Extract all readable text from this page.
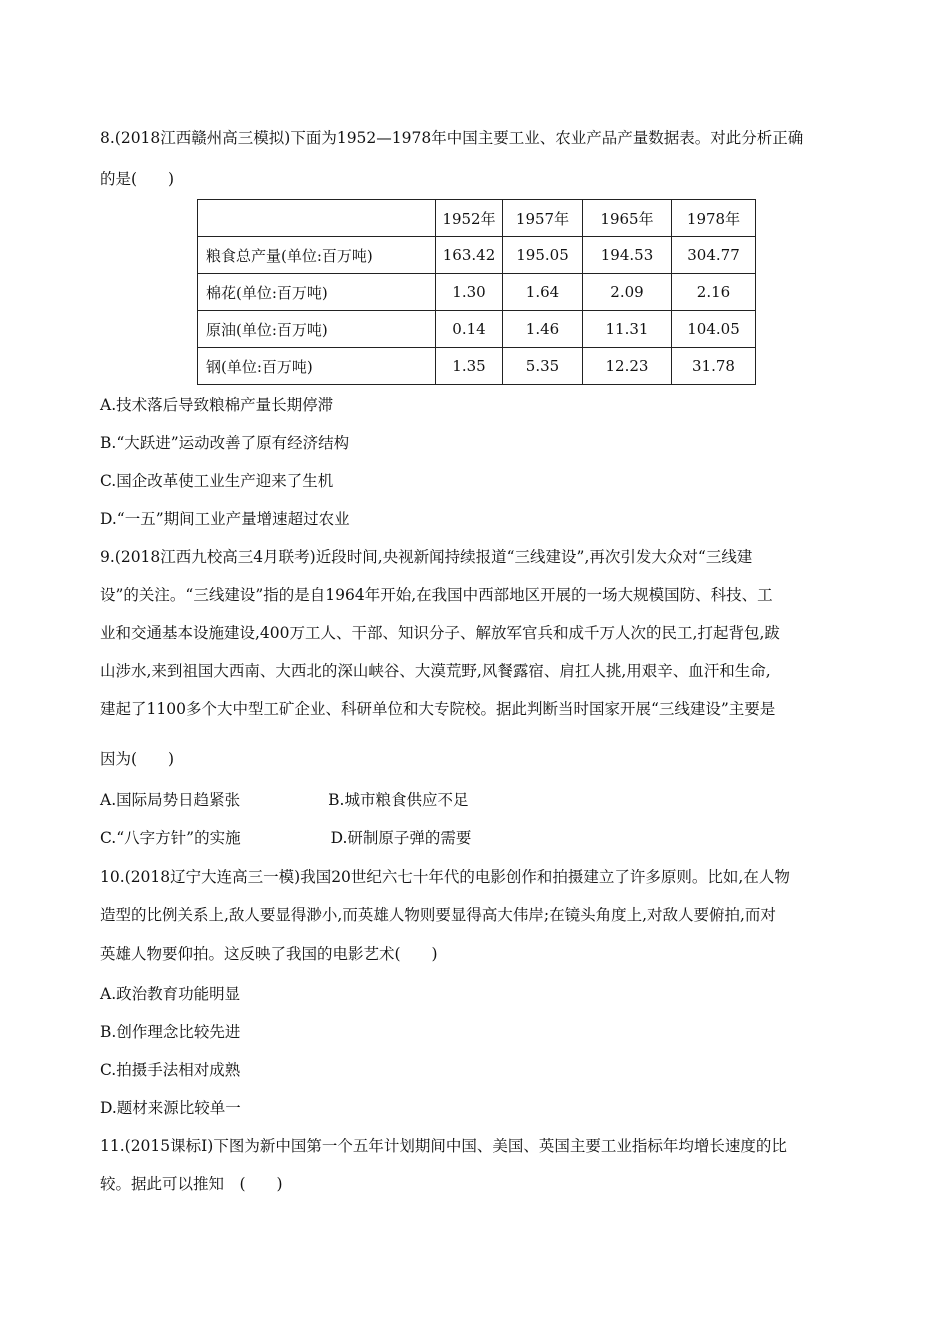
8.(2018江西赣州高三模拟)下面为1952—1978年中国主要工业、农业产品产量数据表。对此分析正确
的是(　　)
	1952年	1957年	1965年	1978年
粮食总产量(单位:百万吨)	163.42	195.05	194.53	304.77
棉花(单位:百万吨)	1.30	1.64	2.09	2.16
原油(单位:百万吨)	0.14	1.46	11.31	104.05
钢(单位:百万吨)	1.35	5.35	12.23	31.78
A.技术落后导致粮棉产量长期停滞
B.“大跃进”运动改善了原有经济结构
C.国企改革使工业生产迎来了生机
D.“一五”期间工业产量增速超过农业
9.(2018江西九校高三4月联考)近段时间,央视新闻持续报道“三线建设”,再次引发大众对“三线建
设”的关注。“三线建设”指的是自1964年开始,在我国中西部地区开展的一场大规模国防、科技、工
业和交通基本设施建设,400万工人、干部、知识分子、解放军官兵和成千万人次的民工,打起背包,跋
山涉水,来到祖国大西南、大西北的深山峡谷、大漠荒野,风餐露宿、肩扛人挑,用艰辛、血汗和生命,
建起了1100多个大中型工矿企业、科研单位和大专院校。据此判断当时国家开展“三线建设”主要是
因为(　　)
A.国际局势日趋紧张	B.城市粮食供应不足
C.“八字方针”的实施	D.研制原子弹的需要
10.(2018辽宁大连高三一模)我国20世纪六七十年代的电影创作和拍摄建立了许多原则。比如,在人物
造型的比例关系上,敌人要显得渺小,而英雄人物则要显得高大伟岸;在镜头角度上,对敌人要俯拍,而对
英雄人物要仰拍。这反映了我国的电影艺术(　　)
A.政治教育功能明显
B.创作理念比较先进
C.拍摄手法相对成熟
D.题材来源比较单一
11.(2015课标Ⅰ)下图为新中国第一个五年计划期间中国、美国、英国主要工业指标年均增长速度的比
较。据此可以推知　(　　)
